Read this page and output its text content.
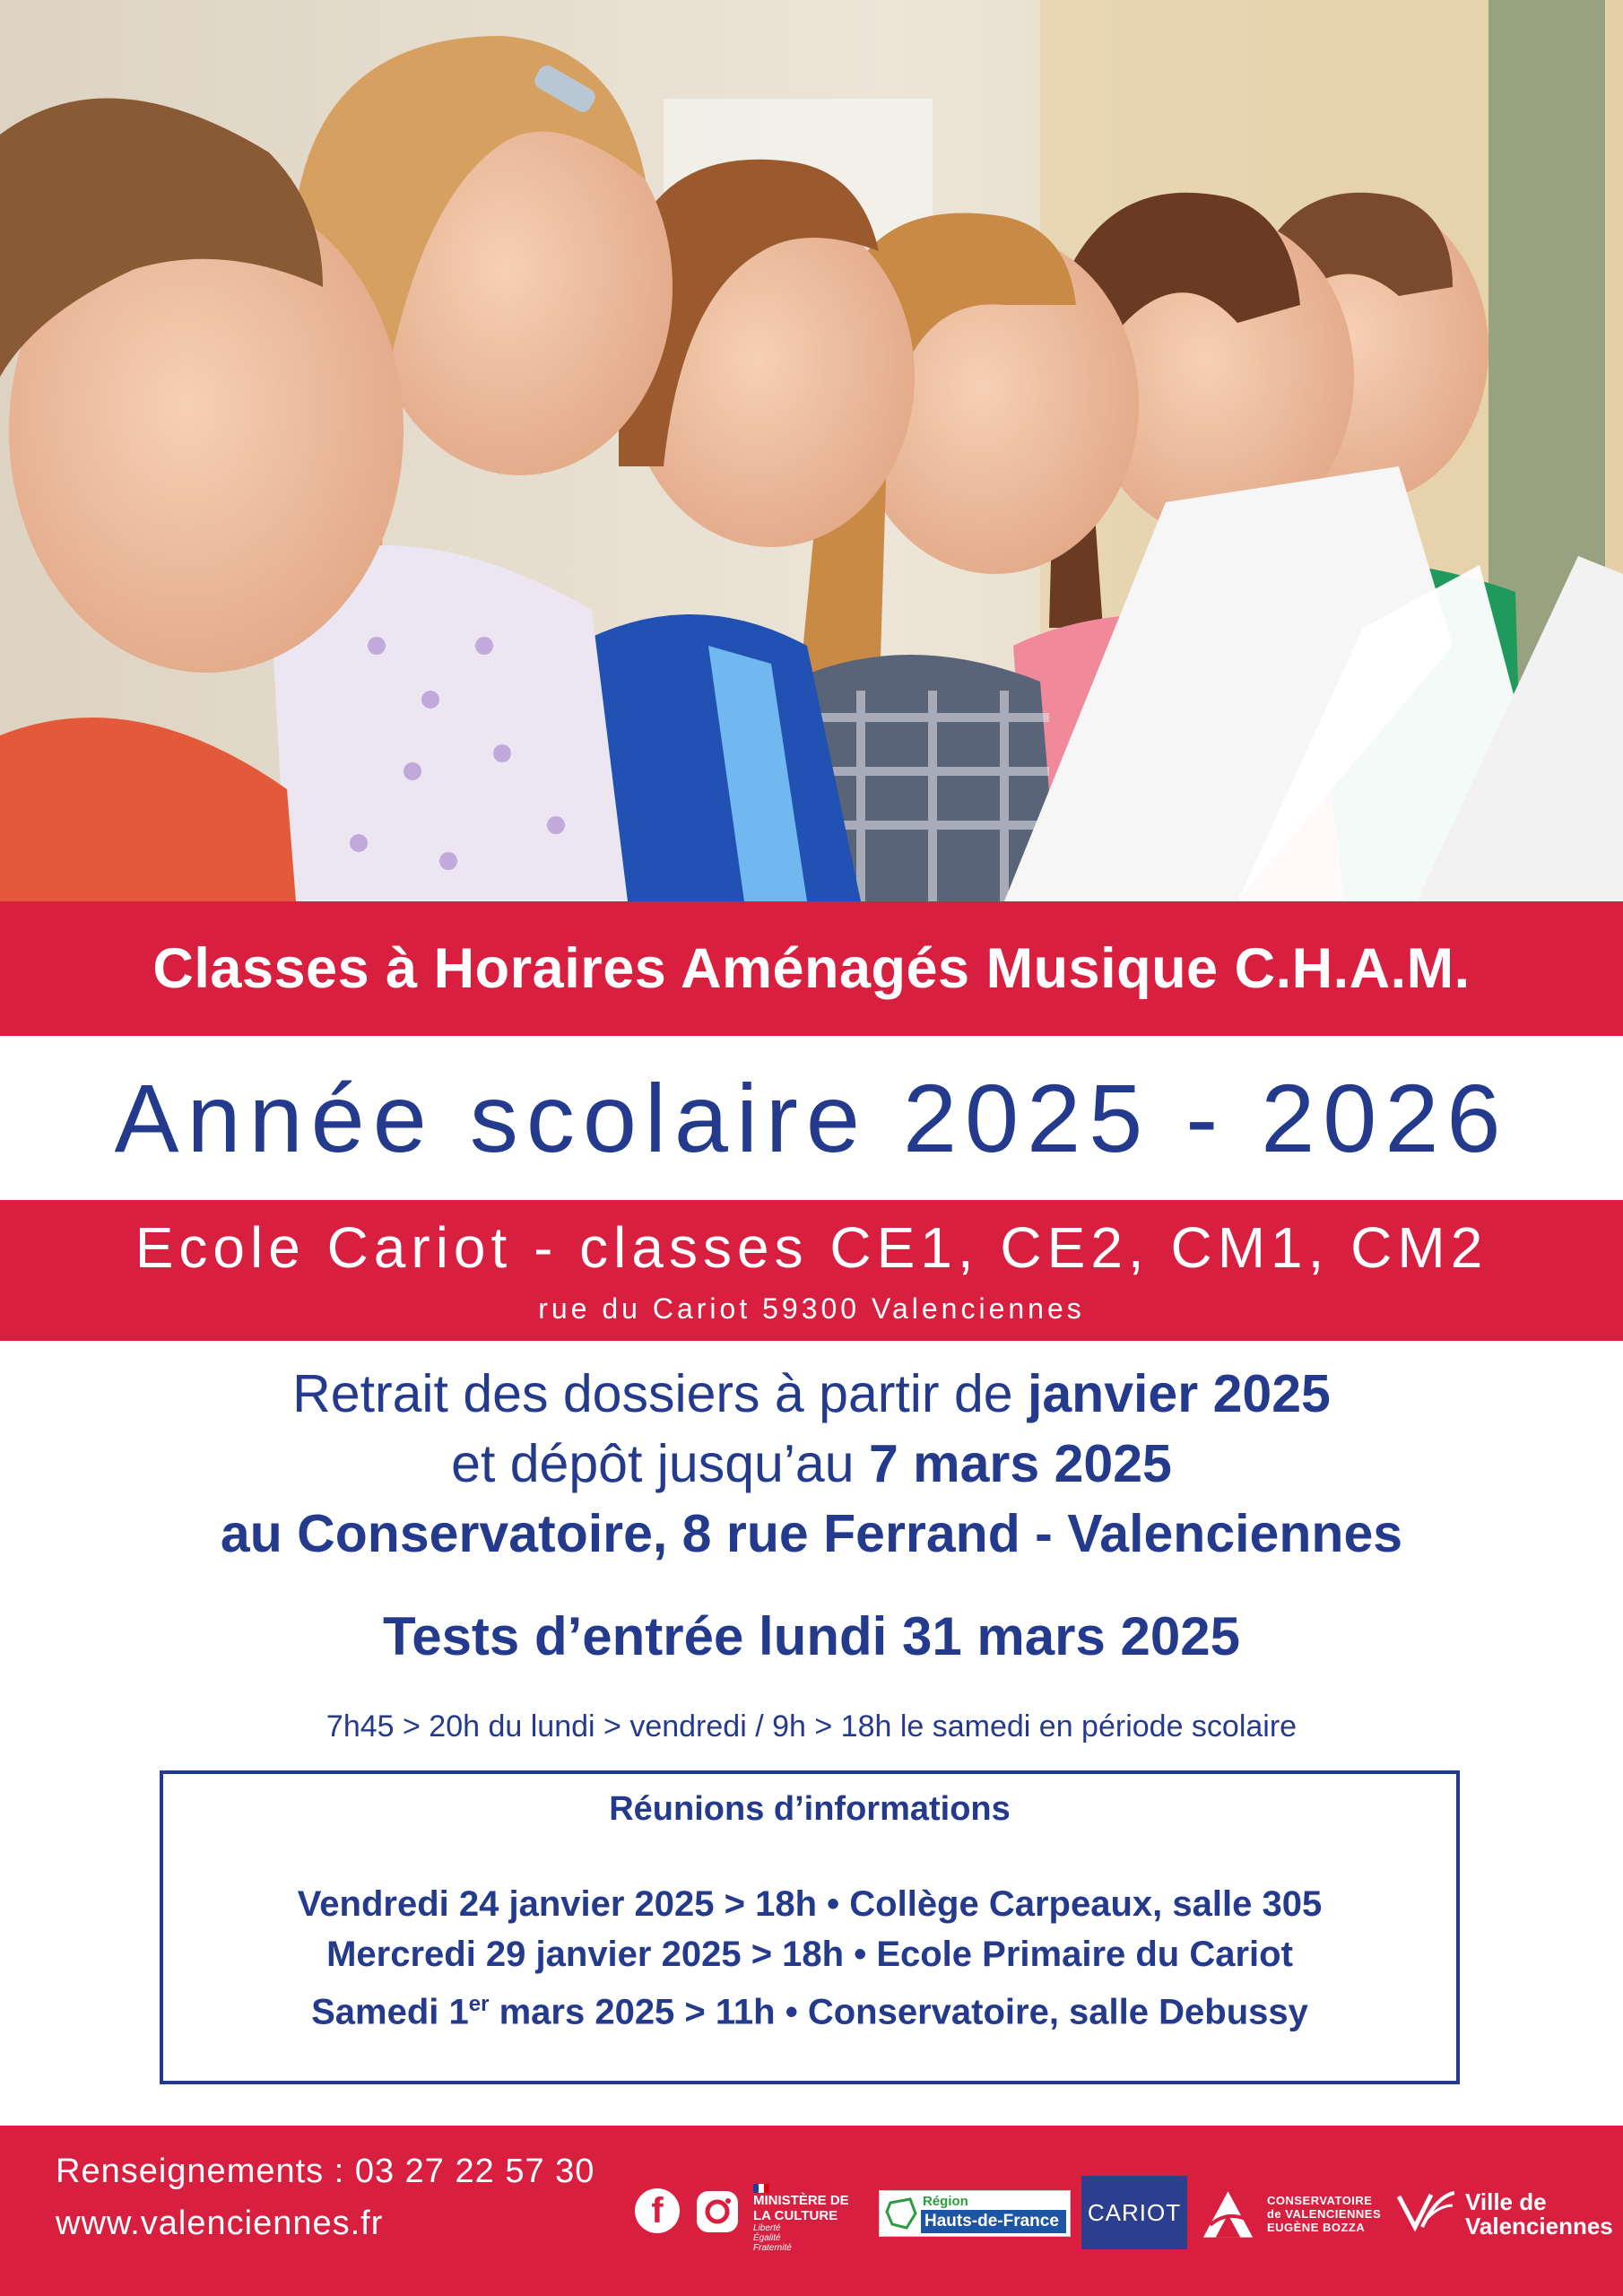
Classes à Horaires Aménagés Musique C.H.A.M.
Année scolaire 2025 - 2026
Ecole Cariot - classes CE1, CE2, CM1, CM2
rue du Cariot 59300 Valenciennes
Retrait des dossiers à partir de janvier 2025
et dépôt jusqu’au 7 mars 2025
au Conservatoire, 8 rue Ferrand - Valenciennes
Tests d’entrée lundi 31 mars 2025
7h45 > 20h du lundi > vendredi / 9h > 18h le samedi en période scolaire
Réunions d’informations
Vendredi 24 janvier 2025 > 18h • Collège Carpeaux, salle 305
Mercredi 29 janvier 2025 > 18h • Ecole Primaire du Cariot
Samedi 1er mars 2025 > 11h • Conservatoire, salle Debussy
Renseignements : 03 27 22 57 30
www.valenciennes.fr	f	MINISTÈRE DE LA CULTURE
Liberté Égalité Fraternité
Région
Hauts-de-France	CARIOT	CONSERVATOIRE de VALENCIENNES EUGÈNE BOZZA
Ville de Valenciennes
